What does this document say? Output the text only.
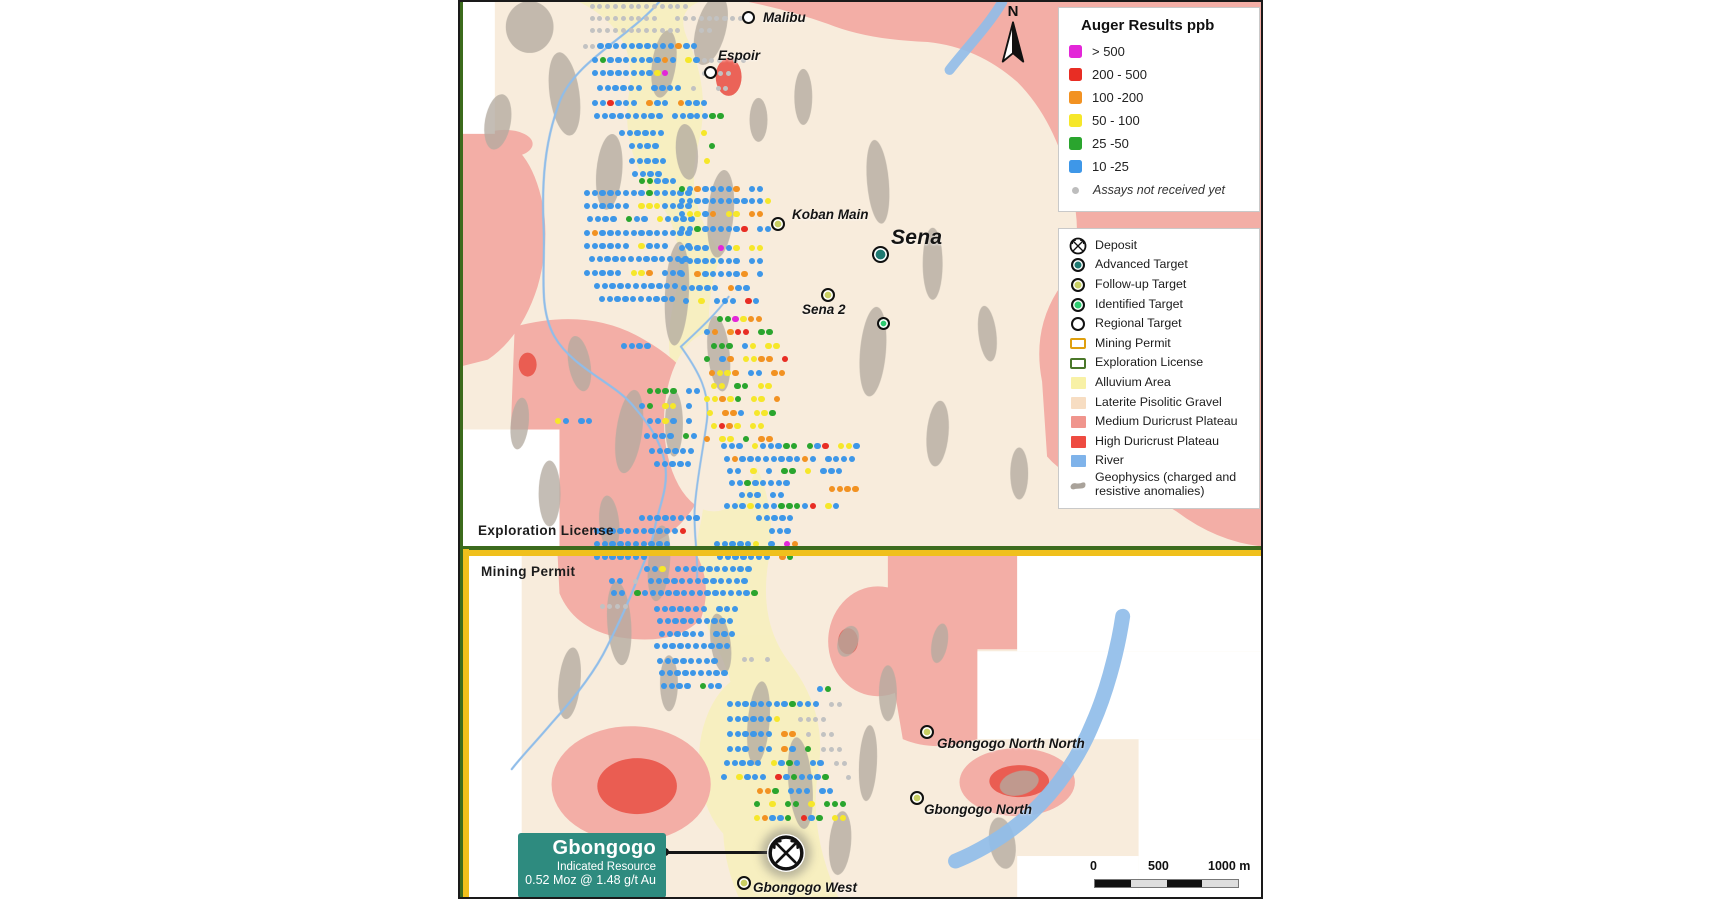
Exploration License
Mining Permit
Malibu
Espoir
Koban Main
Sena
Sena 2
Gbongogo North North
Gbongogo North
Gbongogo West
N
Auger Results ppb
> 500
200 - 500
100 -200
50 - 100
25 -50
10 -25
Assays not received yet
Deposit
Advanced Target
Follow-up Target
Identified Target
Regional Target
Mining Permit
Exploration License
Alluvium Area
Laterite Pisolitic Gravel
Medium Duricrust Plateau
High Duricrust Plateau
River
Geophysics (charged and resistive anomalies)
0	500	1000 m
Gbongogo
Indicated Resource
0.52 Moz @ 1.48 g/t Au
